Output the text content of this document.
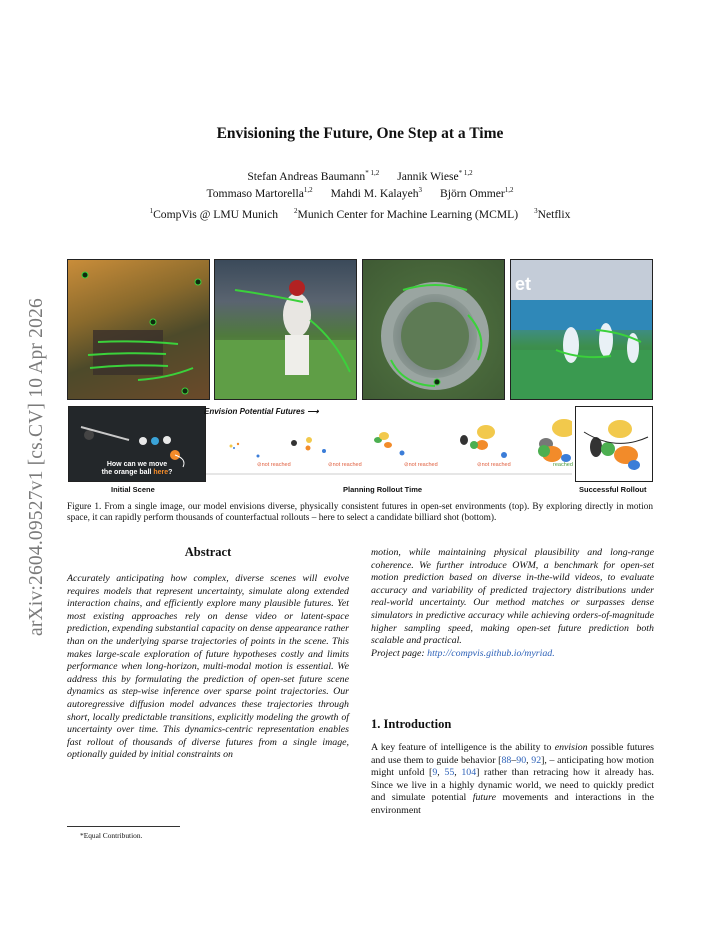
arXiv:2604.09527v1 [cs.CV] 10 Apr 2026
Envisioning the Future, One Step at a Time
Stefan Andreas Baumann$^{* 1,2}$ Jannik Wiese$^{* 1,2}$
Tommaso Martorella$^{1,2}$ Mahdi M. Kalayeh$^3$ Björn Ommer$^{1,2}$
$^1$CompVis @ LMU Munich $^2$Munich Center for Machine Learning (MCML) $^3$Netflix
et
How can we move
the orange ball here?
Envision Potential Futures ⟶
⊘not reached	⊘not reached	⊘not reached	⊘not reached	reached
Initial Scene	Planning Rollout Time	Successful Rollout
Figure 1. From a single image, our model envisions diverse, physically consistent futures in open-set environments (top). By exploring directly in motion space, it can rapidly perform thousands of counterfactual rollouts – here to select a candidate billiard shot (bottom).
Abstract
Accurately anticipating how complex, diverse scenes will evolve requires models that represent uncertainty, simulate along extended interaction chains, and efficiently explore many plausible futures. Yet most existing approaches rely on dense video or latent-space prediction, expending substantial capacity on dense appearance rather than on the underlying sparse trajectories of points in the scene. This makes large-scale exploration of future hypotheses costly and limits performance when long-horizon, multi-modal motion is essential. We address this by formulating the prediction of open-set future scene dynamics as step-wise inference over sparse point trajectories. Our autoregressive diffusion model advances these trajectories through short, locally predictable transitions, explicitly modeling the growth of uncertainty over time. This dynamics-centric representation enables fast rollout of thousands of diverse futures from a single image, optionally guided by initial constraints on
motion, while maintaining physical plausibility and long-range coherence. We further introduce OWM, a benchmark for open-set motion prediction based on diverse in-the-wild videos, to evaluate accuracy and variability of predicted trajectory distributions under real-world uncertainty. Our method matches or surpasses dense simulators in predictive accuracy while achieving orders-of-magnitude higher sampling speed, making open-set future prediction both scalable and practical.
Project page: http://compvis.github.io/myriad.
1. Introduction
A key feature of intelligence is the ability to envision possible futures and use them to guide behavior [88–90, 92], – anticipating how motion might unfold [9, 55, 104] rather than retracing how it already has. Since we live in a highly dynamic world, we need to quickly predict and simulate potential future movements and interactions in the environment
*Equal Contribution.
